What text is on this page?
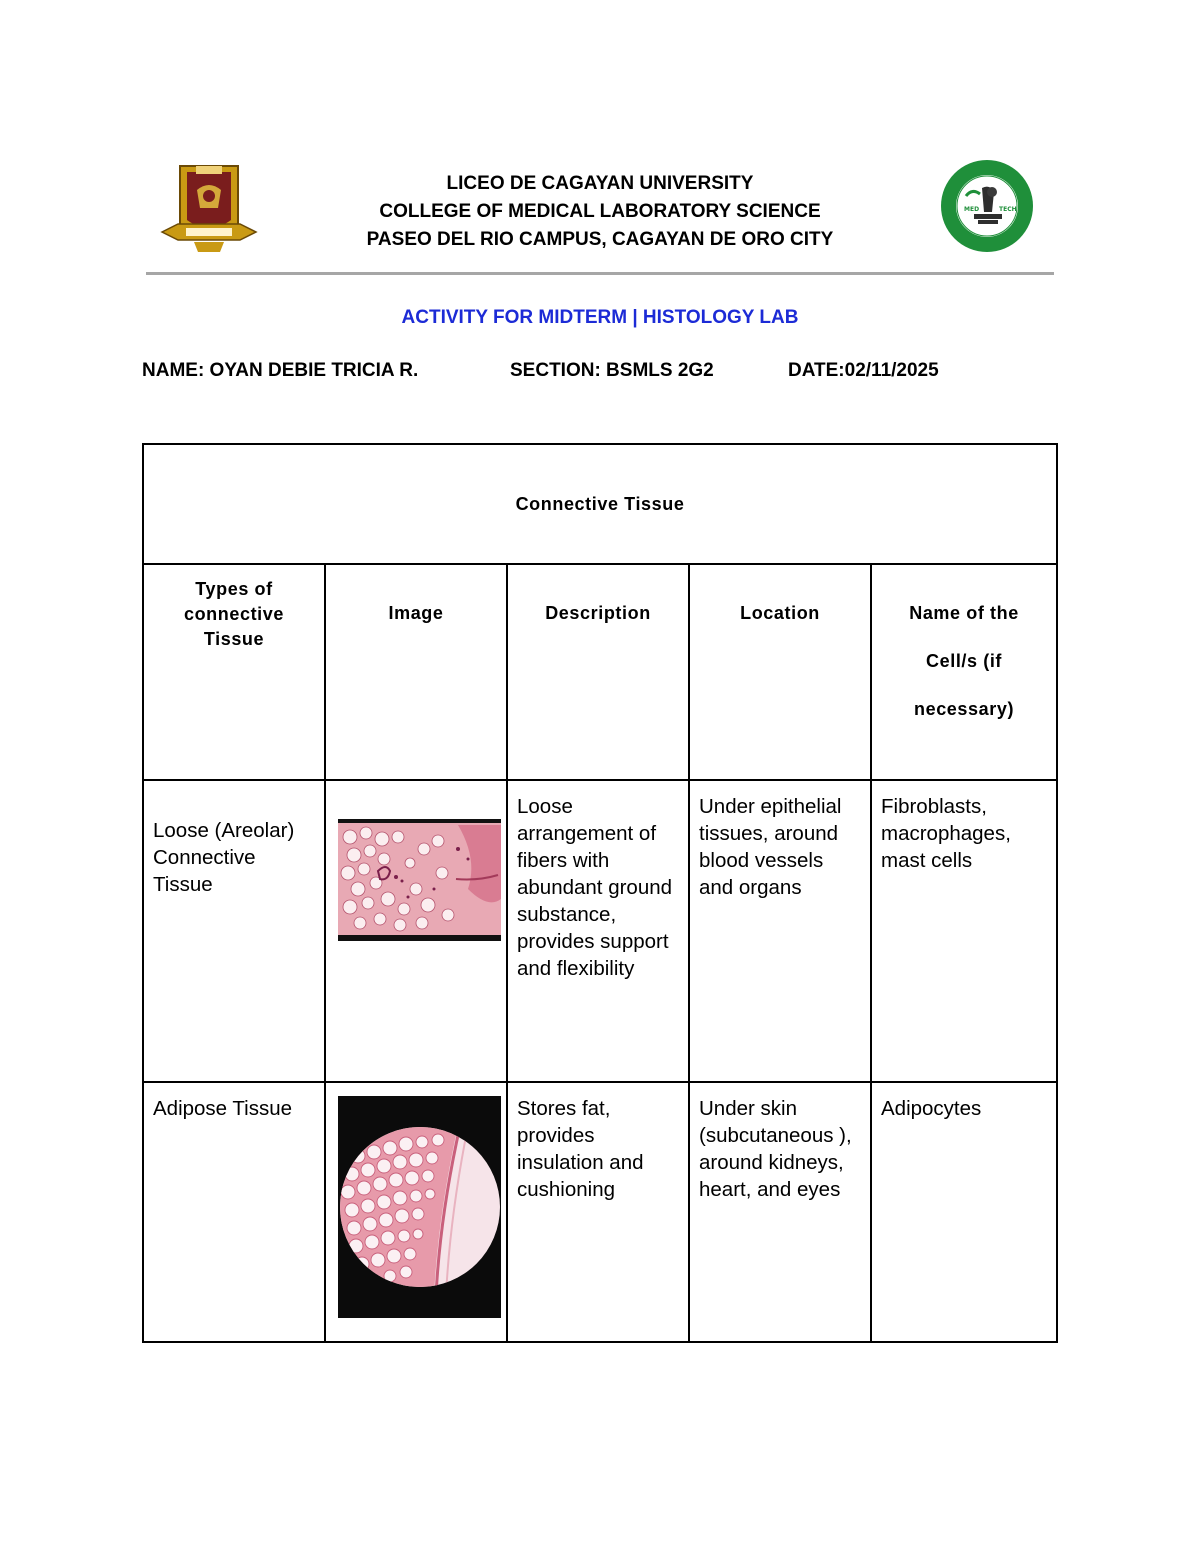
LICEO DE CAGAYAN UNIVERSITY
COLLEGE OF MEDICAL LABORATORY SCIENCE
PASEO DEL RIO CAMPUS, CAGAYAN DE ORO CITY
MED	TECH
ACTIVITY FOR MIDTERM | HISTOLOGY LAB
NAME: OYAN DEBIE TRICIA R.	SECTION: BSMLS 2G2	DATE:02/11/2025
Connective Tissue				

Types of connective Tissue	Image	Description	Location	Name of the Cell/s (if necessary)

Loose (Areolar) Connective Tissue		Loose arrangement of fibers with abundant ground substance, provides support and flexibility	Under epithelial tissues, around blood vessels and organs	Fibroblasts, macrophages, mast cells
Adipose Tissue		Stores fat, provides insulation and cushioning	Under skin (subcutaneous ), around kidneys, heart, and eyes	Adipocytes
